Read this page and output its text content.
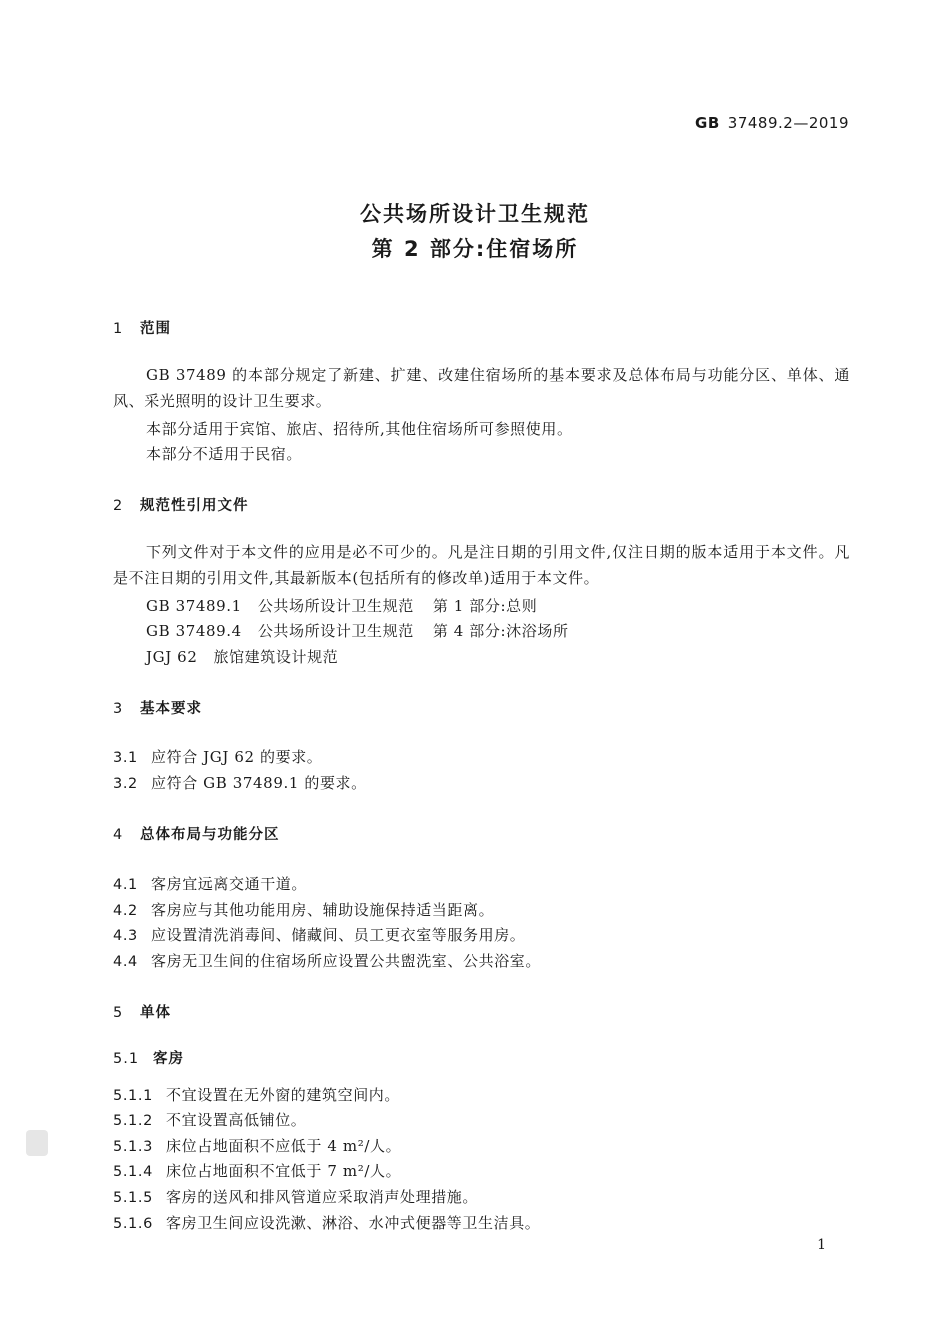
GB 37489.2—2019
公共场所设计卫生规范
第 2 部分:住宿场所
1 范围
GB 37489 的本部分规定了新建、扩建、改建住宿场所的基本要求及总体布局与功能分区、单体、通风、采光照明的设计卫生要求。
本部分适用于宾馆、旅店、招待所,其他住宿场所可参照使用。
本部分不适用于民宿。
2 规范性引用文件
下列文件对于本文件的应用是必不可少的。凡是注日期的引用文件,仅注日期的版本适用于本文件。凡是不注日期的引用文件,其最新版本(包括所有的修改单)适用于本文件。
GB 37489.1 公共场所设计卫生规范 第 1 部分:总则
GB 37489.4 公共场所设计卫生规范 第 4 部分:沐浴场所
JGJ 62 旅馆建筑设计规范
3 基本要求
3.1 应符合 JGJ 62 的要求。
3.2 应符合 GB 37489.1 的要求。
4 总体布局与功能分区
4.1 客房宜远离交通干道。
4.2 客房应与其他功能用房、辅助设施保持适当距离。
4.3 应设置清洗消毒间、储藏间、员工更衣室等服务用房。
4.4 客房无卫生间的住宿场所应设置公共盥洗室、公共浴室。
5 单体
5.1 客房
5.1.1 不宜设置在无外窗的建筑空间内。
5.1.2 不宜设置高低铺位。
5.1.3 床位占地面积不应低于 4 m²/人。
5.1.4 床位占地面积不宜低于 7 m²/人。
5.1.5 客房的送风和排风管道应采取消声处理措施。
5.1.6 客房卫生间应设洗漱、淋浴、水冲式便器等卫生洁具。
1
